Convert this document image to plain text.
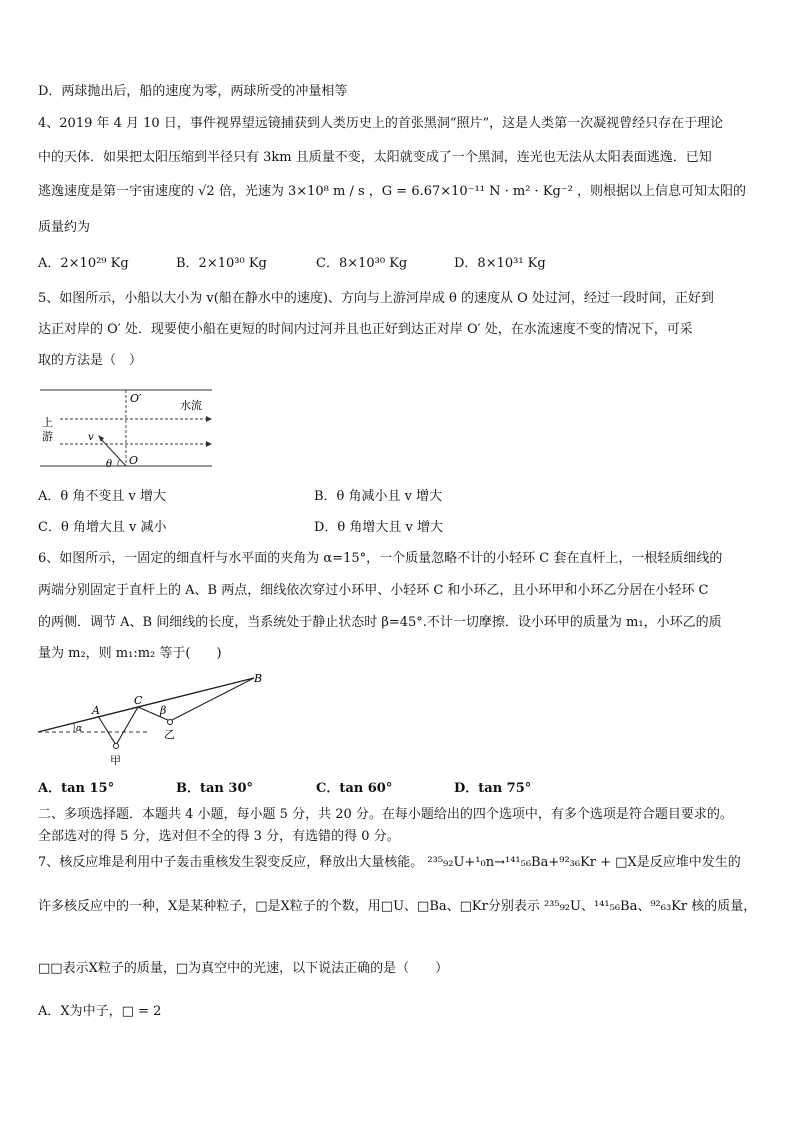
D．两球抛出后，船的速度为零，两球所受的冲量相等
4、2019 年 4 月 10 日，事件视界望远镜捕获到人类历史上的首张黑洞“照片”，这是人类第一次凝视曾经只存在于理论
中的天体．如果把太阳压缩到半径只有 3km 且质量不变，太阳就变成了一个黑洞，连光也无法从太阳表面逃逸．已知
逃逸速度是第一宇宙速度的 √2 倍，光速为 3×10⁸ m / s ，G = 6.67×10⁻¹¹ N · m² · Kg⁻² ，则根据以上信息可知太阳的
质量约为
A．2×10²⁹ Kg	B．2×10³⁰ Kg	C．8×10³⁰ Kg	D．8×10³¹ Kg
5、如图所示，小船以大小为 v(船在静水中的速度)、方向与上游河岸成 θ 的速度从 O 处过河，经过一段时间，正好到
达正对岸的 O′ 处．现要使小船在更短的时间内过河并且也正好到达正对岸 O′ 处，在水流速度不变的情况下，可采
取的方法是（　）
O′
水流
上
游	v
θ O
A．θ 角不变且 v 增大	B．θ 角减小且 v 增大
C．θ 角增大且 v 减小	D．θ 角增大且 v 增大
6、如图所示，一固定的细直杆与水平面的夹角为 α=15°，一个质量忽略不计的小轻环 C 套在直杆上，一根轻质细线的
两端分别固定于直杆上的 A、B 两点，细线依次穿过小环甲、小轻环 C 和小环乙，且小环甲和小环乙分居在小轻环 C
的两侧．调节 A、B 间细线的长度，当系统处于静止状态时 β=45°.不计一切摩擦．设小环甲的质量为 m₁，小环乙的质
量为 m₂，则 m₁:m₂ 等于(　　)
A
C
B
β
α
甲
乙
A．tan 15°	B．tan 30°	C．tan 60°	D．tan 75°
二、多项选择题．本题共 4 小题，每小题 5 分，共 20 分。在每小题给出的四个选项中，有多个选项是符合题目要求的。
全部选对的得 5 分，选对但不全的得 3 分，有选错的得 0 分。
7、核反应堆是利用中子轰击重核发生裂变反应，释放出大量核能。 ²³⁵₉₂U+¹₀n→¹⁴¹₅₆Ba+⁹²₃₆Kr + □X是反应堆中发生的
许多核反应中的一种，X是某种粒子，□是X粒子的个数，用□U、□Ba、□Kr分别表示 ²³⁵₉₂U、¹⁴¹₅₆Ba、⁹²₆₃Kr 核的质量，
□□表示X粒子的质量，□为真空中的光速，以下说法正确的是（　　）
A．X为中子，□ = 2
